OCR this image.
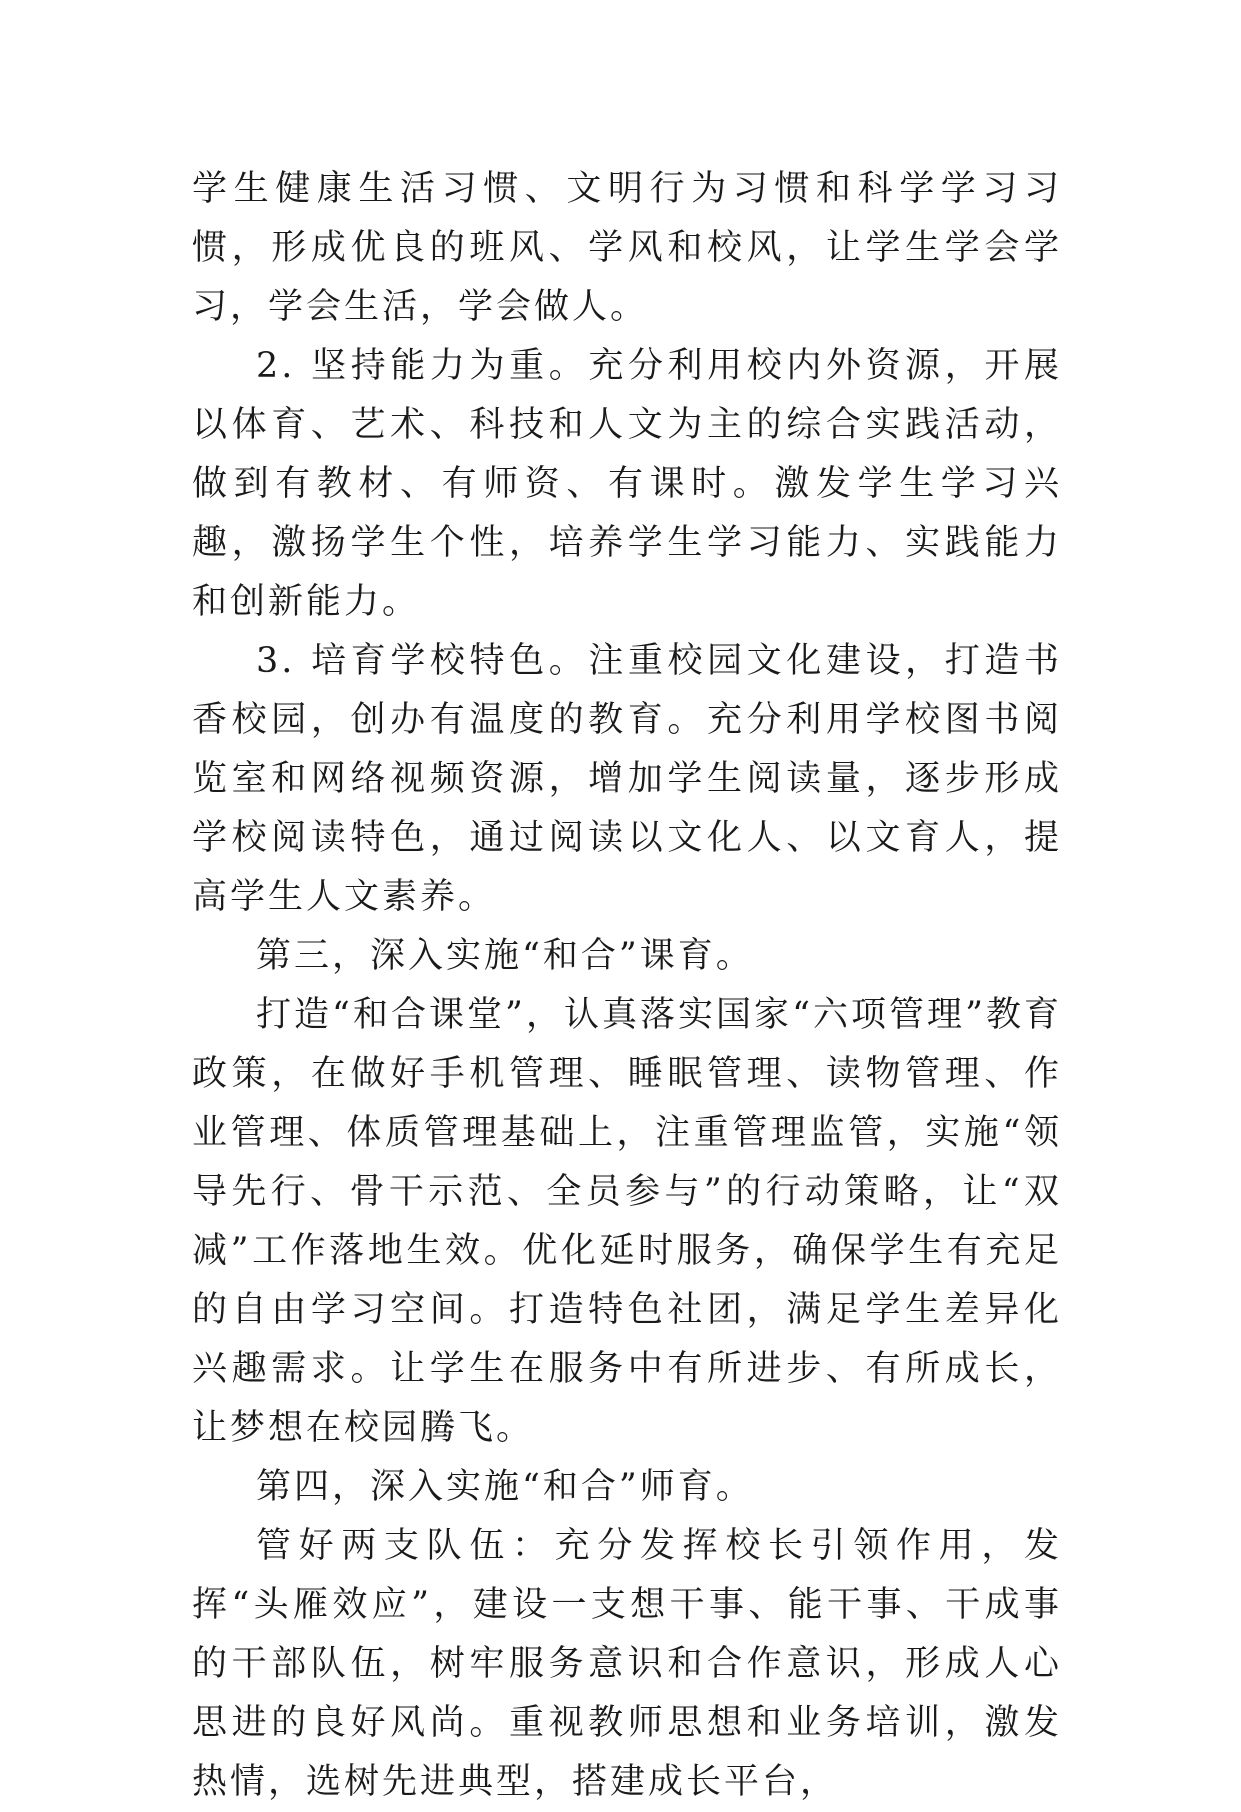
学生健康生活习惯、文明行为习惯和科学学习习惯，形成优良的班风、学风和校风，让学生学会学习，学会生活，学会做人。

2. 坚持能力为重。充分利用校内外资源，开展以体育、艺术、科技和人文为主的综合实践活动，做到有教材、有师资、有课时。激发学生学习兴趣，激扬学生个性，培养学生学习能力、实践能力和创新能力。

3. 培育学校特色。注重校园文化建设，打造书香校园，创办有温度的教育。充分利用学校图书阅览室和网络视频资源，增加学生阅读量，逐步形成学校阅读特色，通过阅读以文化人、以文育人，提高学生人文素养。

第三，深入实施“和合”课育。

打造“和合课堂”，认真落实国家“六项管理”教育政策，在做好手机管理、睡眠管理、读物管理、作业管理、体质管理基础上，注重管理监管，实施“领导先行、骨干示范、全员参与”的行动策略，让“双减”工作落地生效。优化延时服务，确保学生有充足的自由学习空间。打造特色社团，满足学生差异化兴趣需求。让学生在服务中有所进步、有所成长，让梦想在校园腾飞。

第四，深入实施“和合”师育。

管好两支队伍：充分发挥校长引领作用，发挥“头雁效应”，建设一支想干事、能干事、干成事的干部队伍，树牢服务意识和合作意识，形成人心思进的良好风尚。重视教师思想和业务培训，激发热情，选树先进典型，搭建成长平台，
